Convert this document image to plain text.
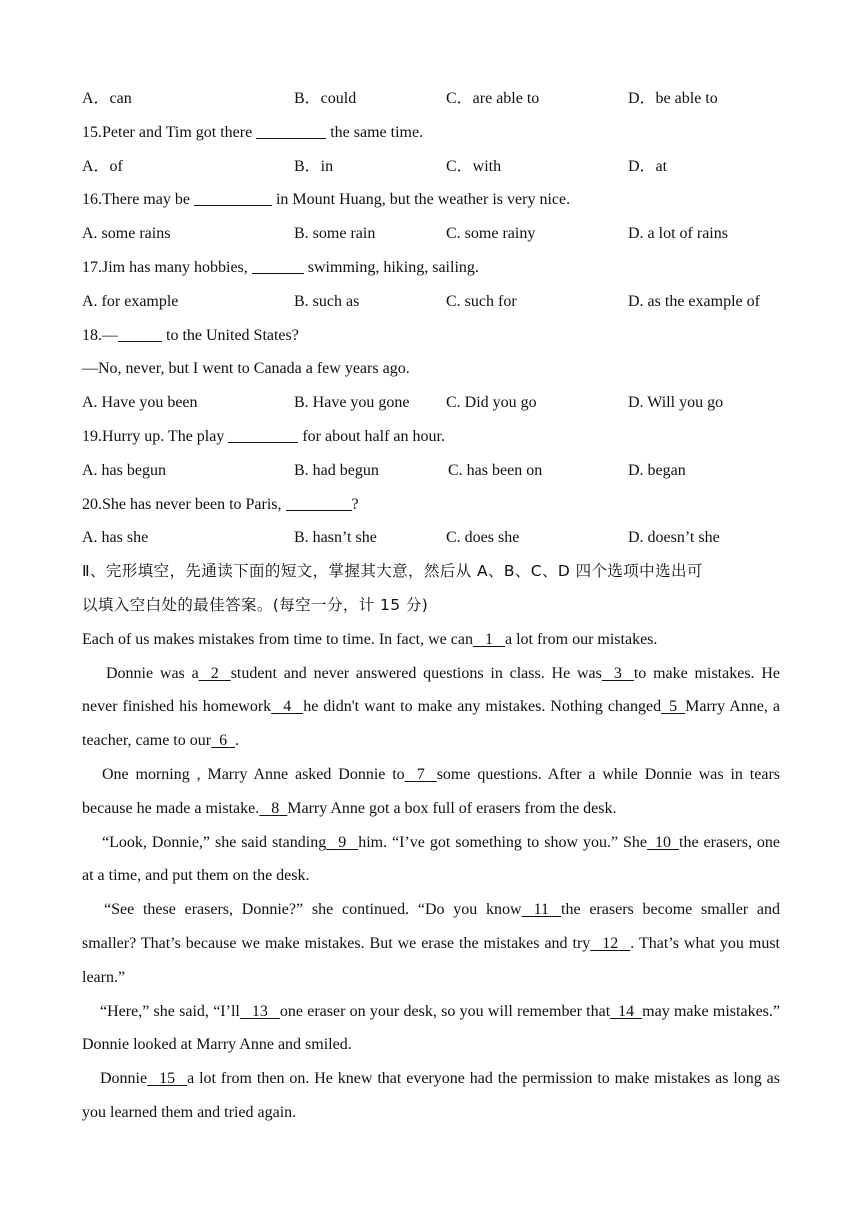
A．can	B．could	C．are able to	D．be able to
15.Peter and Tim got there	the same time.
A．of	B．in	C．with	D．at
16.There may be	in Mount Huang, but the weather is very nice.
A. some rains	B. some rain	C. some rainy	D. a lot of rains
17.Jim has many hobbies,	swimming, hiking, sailing.
A. for example	B. such as	C. such for	D. as the example of
18.—	to the United States?
—No, never, but I went to Canada a few years ago.
A. Have you been	B. Have you gone C. Did you go	D. Will you go
19.Hurry up. The play	for about half an hour.
A. has begun	B. had begun	C. has been on	D. began
20.She has never been to Paris,	?
A. has she	B. hasn’t she	C. does she	D. doesn’t she
Ⅱ、完形填空，先通读下面的短文，掌握其大意，然后从 A、B、C、D 四个选项中选出可
以填入空白处的最佳答案。(每空一分，计 15 分)
Each of us makes mistakes from time to time. In fact, we can 1 a lot from our mistakes.
Donnie was a 2 student and never answered questions in class. He was 3 to make mistakes. He never finished his homework 4 he didn't want to make any mistakes. Nothing changed 5 Marry Anne, a teacher, came to our 6 .
One morning , Marry Anne asked Donnie to 7 some questions. After a while Donnie was in tears because he made a mistake. 8 Marry Anne got a box full of erasers from the desk.
“Look, Donnie,” she said standing 9 him. “I’ve got something to show you.” She 10 the erasers, one at a time, and put them on the desk.
“See these erasers, Donnie?” she continued. “Do you know 11 the erasers become smaller and smaller? That’s because we make mistakes. But we erase the mistakes and try 12 . That’s what you must learn.”
“Here,” she said, “I’ll 13 one eraser on your desk, so you will remember that 14 may make mistakes.” Donnie looked at Marry Anne and smiled.
Donnie 15 a lot from then on. He knew that everyone had the permission to make mistakes as long as you learned them and tried again.
